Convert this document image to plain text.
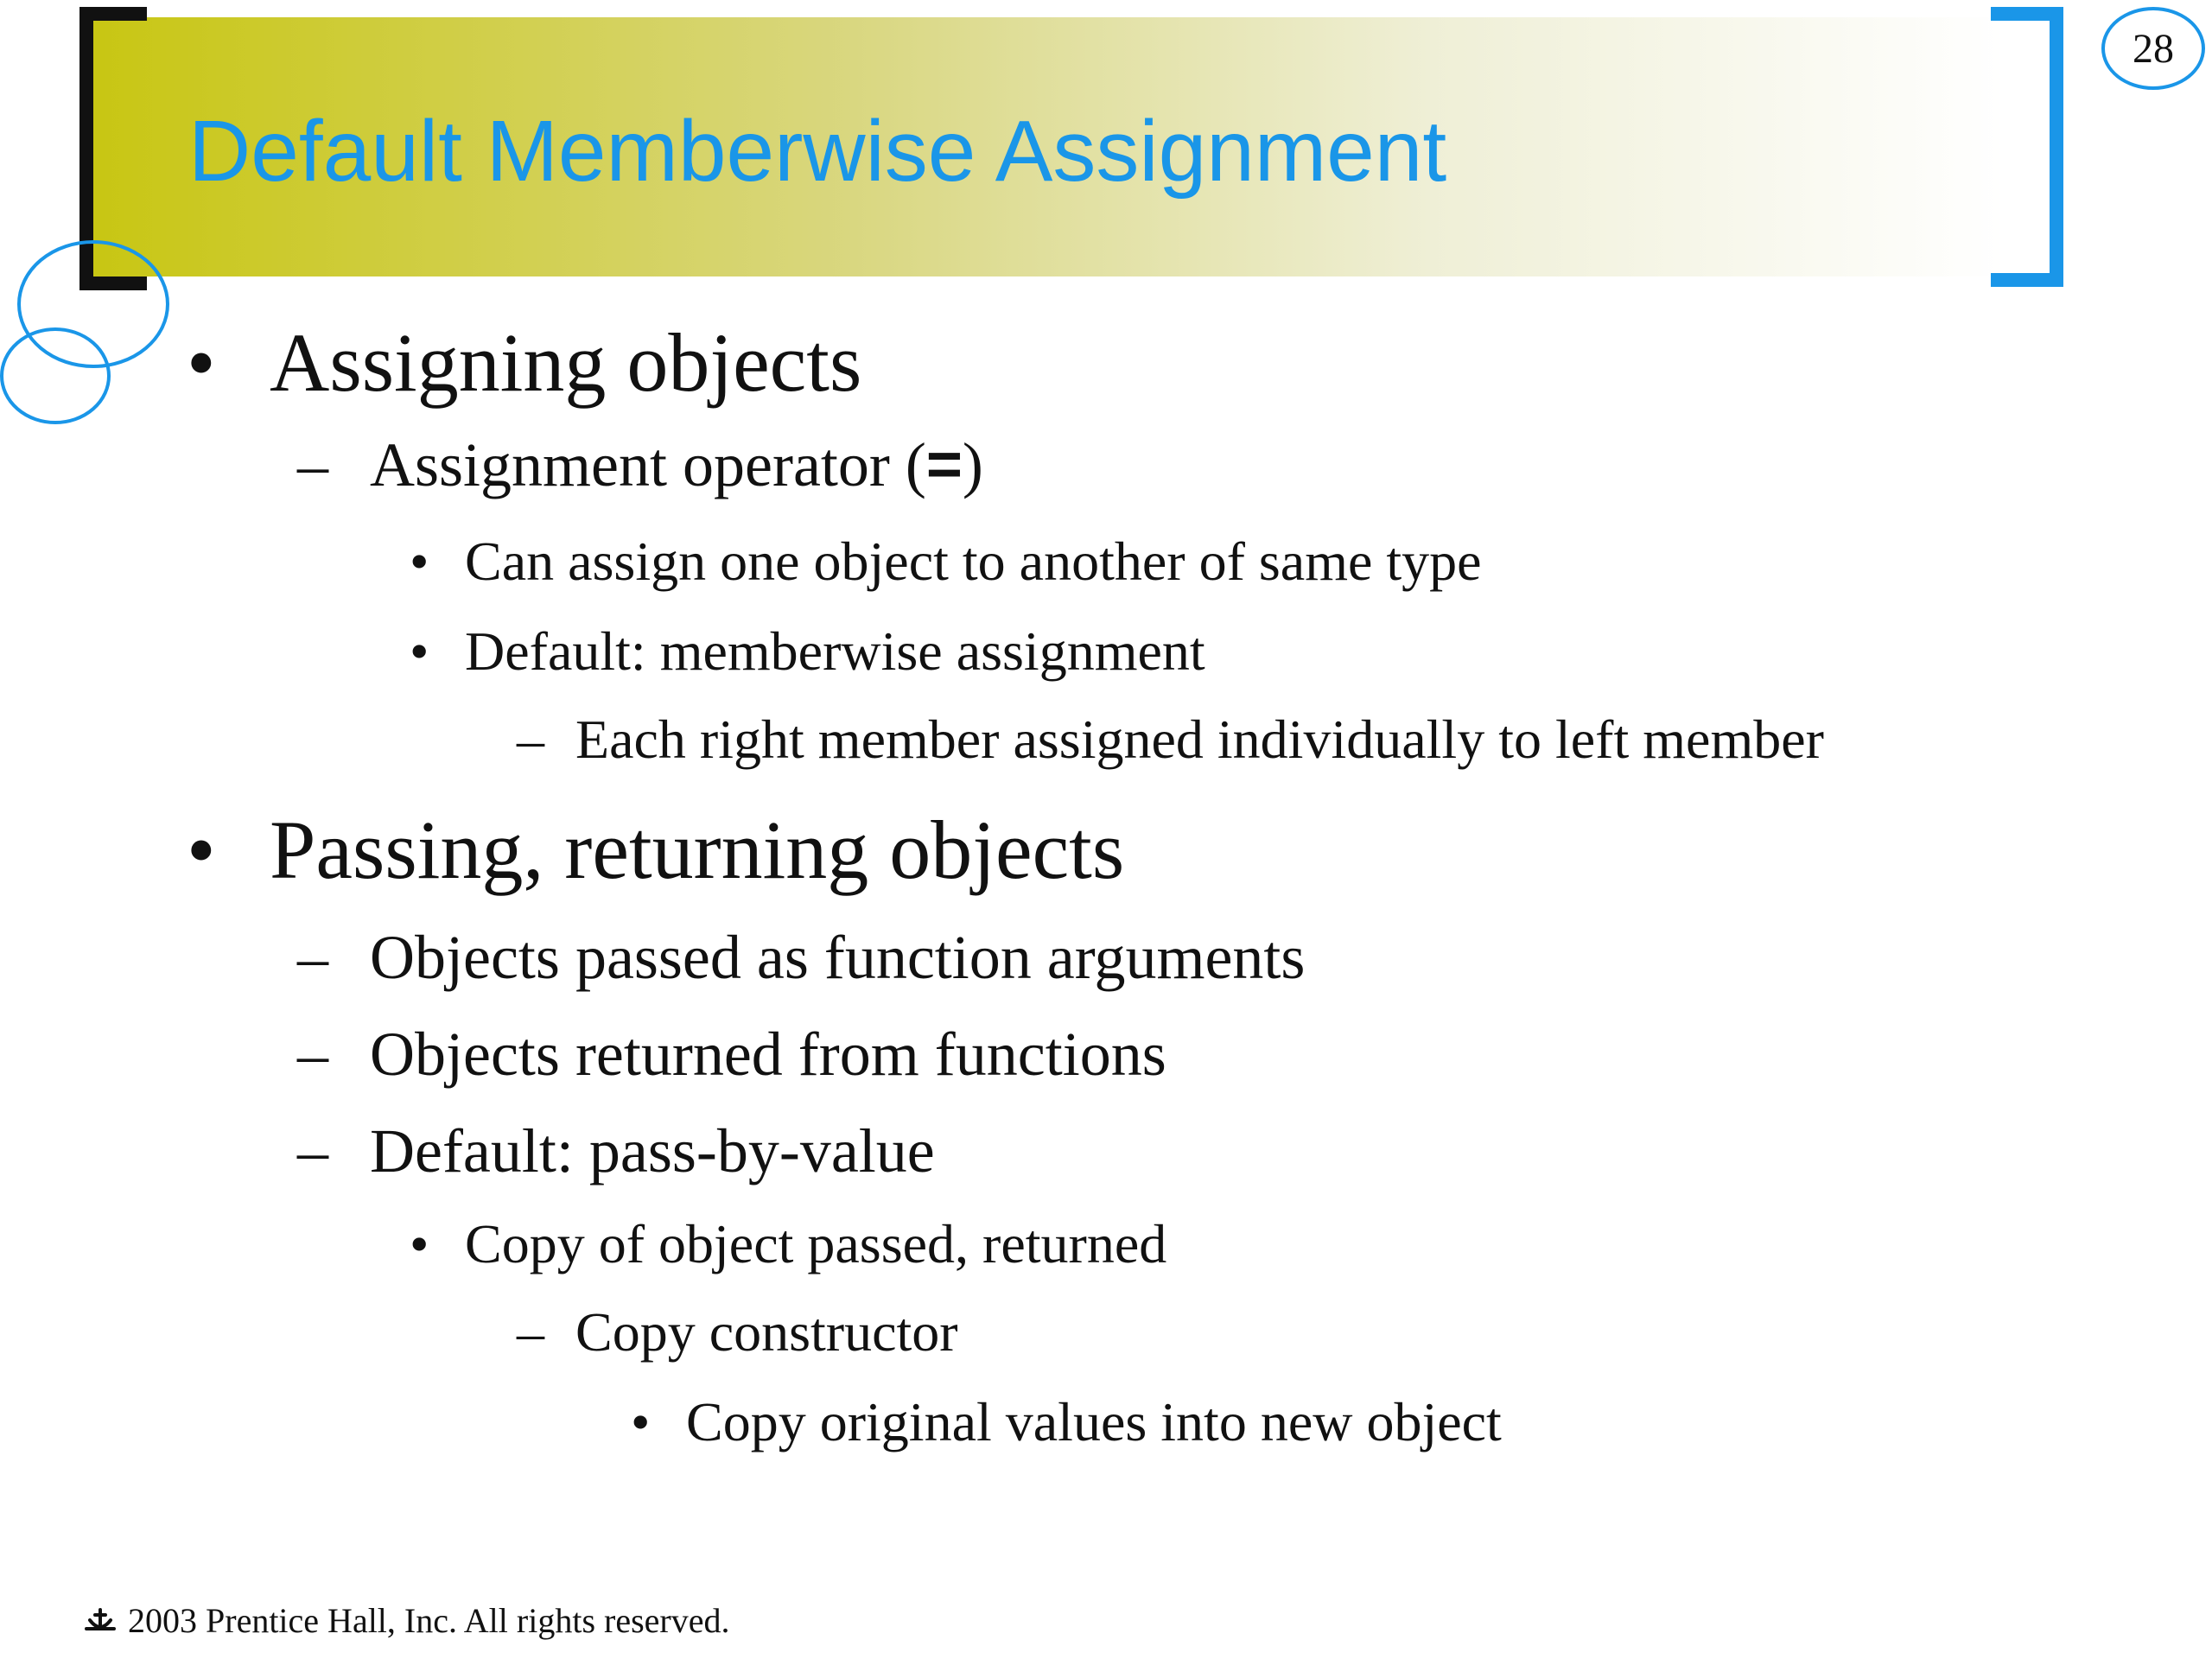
Default Memberwise Assignment
28
• Assigning objects
– Assignment operator (=)
• Can assign one object to another of same type
• Default: memberwise assignment
– Each right member assigned individually to left member
• Passing, returning objects
– Objects passed as function arguments
– Objects returned from functions
– Default: pass-by-value
• Copy of object passed, returned
– Copy constructor
• Copy original values into new object
2003 Prentice Hall, Inc. All rights reserved.
